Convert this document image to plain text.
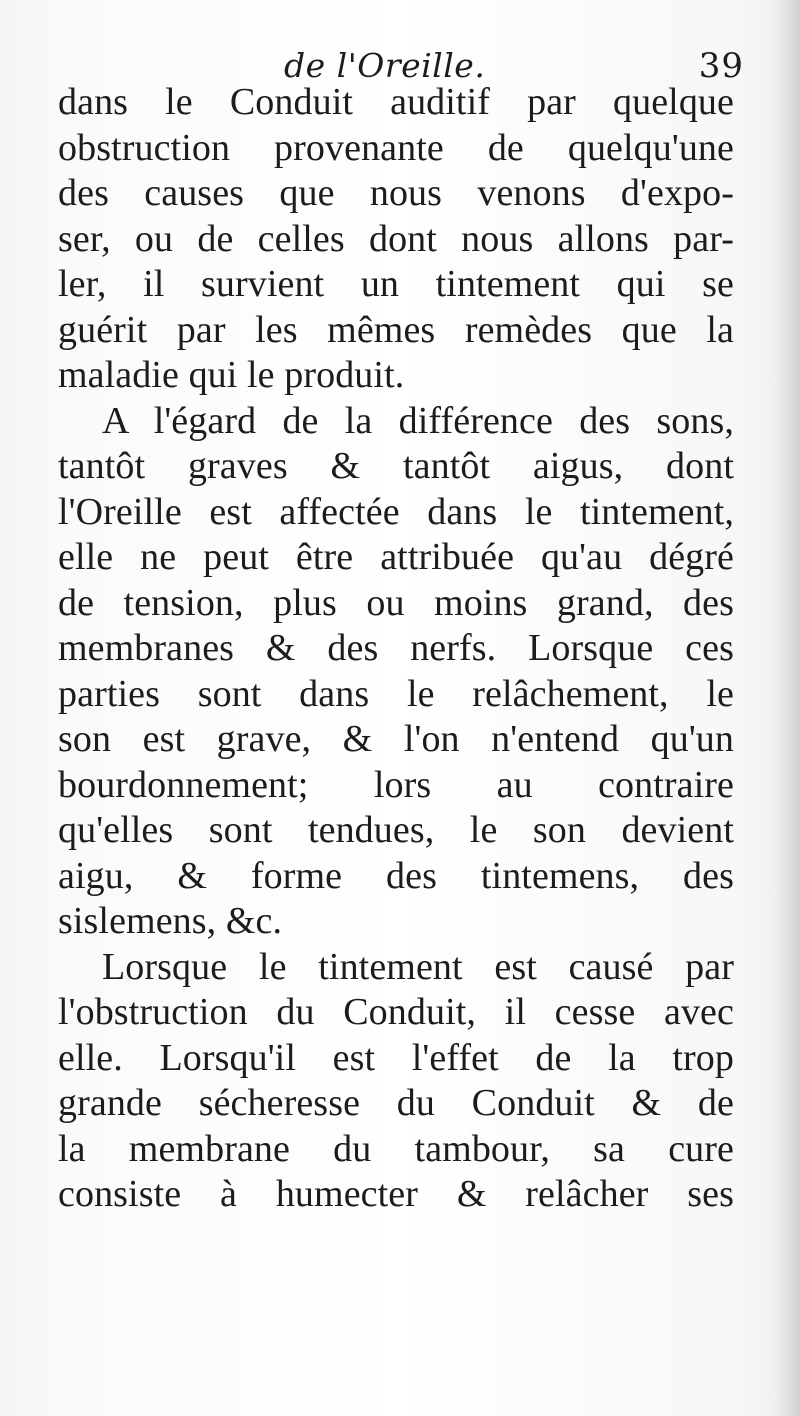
de l'Oreille.	39
dans le Conduit auditif par quelque
obstruction provenante de quelqu'une
des causes que nous venons d'expo-
ser, ou de celles dont nous allons par-
ler, il survient un tintement qui se
guérit par les mêmes remèdes que la
maladie qui le produit.
A l'égard de la différence des sons,
tantôt graves & tantôt aigus, dont
l'Oreille est affectée dans le tintement,
elle ne peut être attribuée qu'au dégré
de tension, plus ou moins grand, des
membranes & des nerfs. Lorsque ces
parties sont dans le relâchement, le
son est grave, & l'on n'entend qu'un
bourdonnement; lors au contraire
qu'elles sont tendues, le son devient
aigu, & forme des tintemens, des
sislemens, &c.
Lorsque le tintement est causé par
l'obstruction du Conduit, il cesse avec
elle. Lorsqu'il est l'effet de la trop
grande sécheresse du Conduit & de
la membrane du tambour, sa cure
consiste à humecter & relâcher ses
